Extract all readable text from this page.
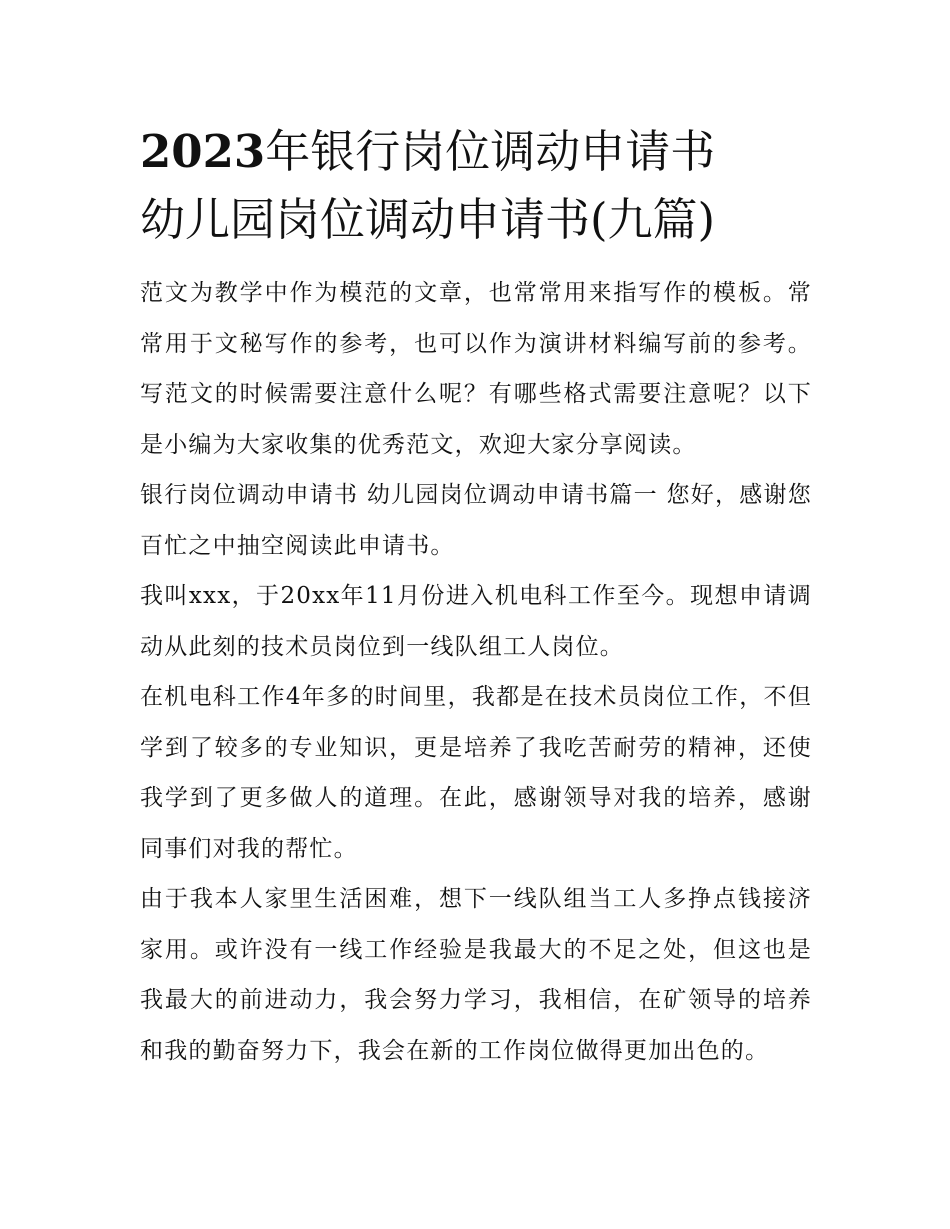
2023年银行岗位调动申请书
幼儿园岗位调动申请书(九篇)

范文为教学中作为模范的文章，也常常用来指写作的模板。常常用于文秘写作的参考，也可以作为演讲材料编写前的参考。写范文的时候需要注意什么呢？有哪些格式需要注意呢？以下是小编为大家收集的优秀范文，欢迎大家分享阅读。

银行岗位调动申请书 幼儿园岗位调动申请书篇一 您好，感谢您百忙之中抽空阅读此申请书。

我叫xxx，于20xx年11月份进入机电科工作至今。现想申请调动从此刻的技术员岗位到一线队组工人岗位。

在机电科工作4年多的时间里，我都是在技术员岗位工作，不但学到了较多的专业知识，更是培养了我吃苦耐劳的精神，还使我学到了更多做人的道理。在此，感谢领导对我的培养，感谢同事们对我的帮忙。

由于我本人家里生活困难，想下一线队组当工人多挣点钱接济家用。或许没有一线工作经验是我最大的不足之处，但这也是我最大的前进动力，我会努力学习，我相信，在矿领导的培养和我的勤奋努力下，我会在新的工作岗位做得更加出色的。
